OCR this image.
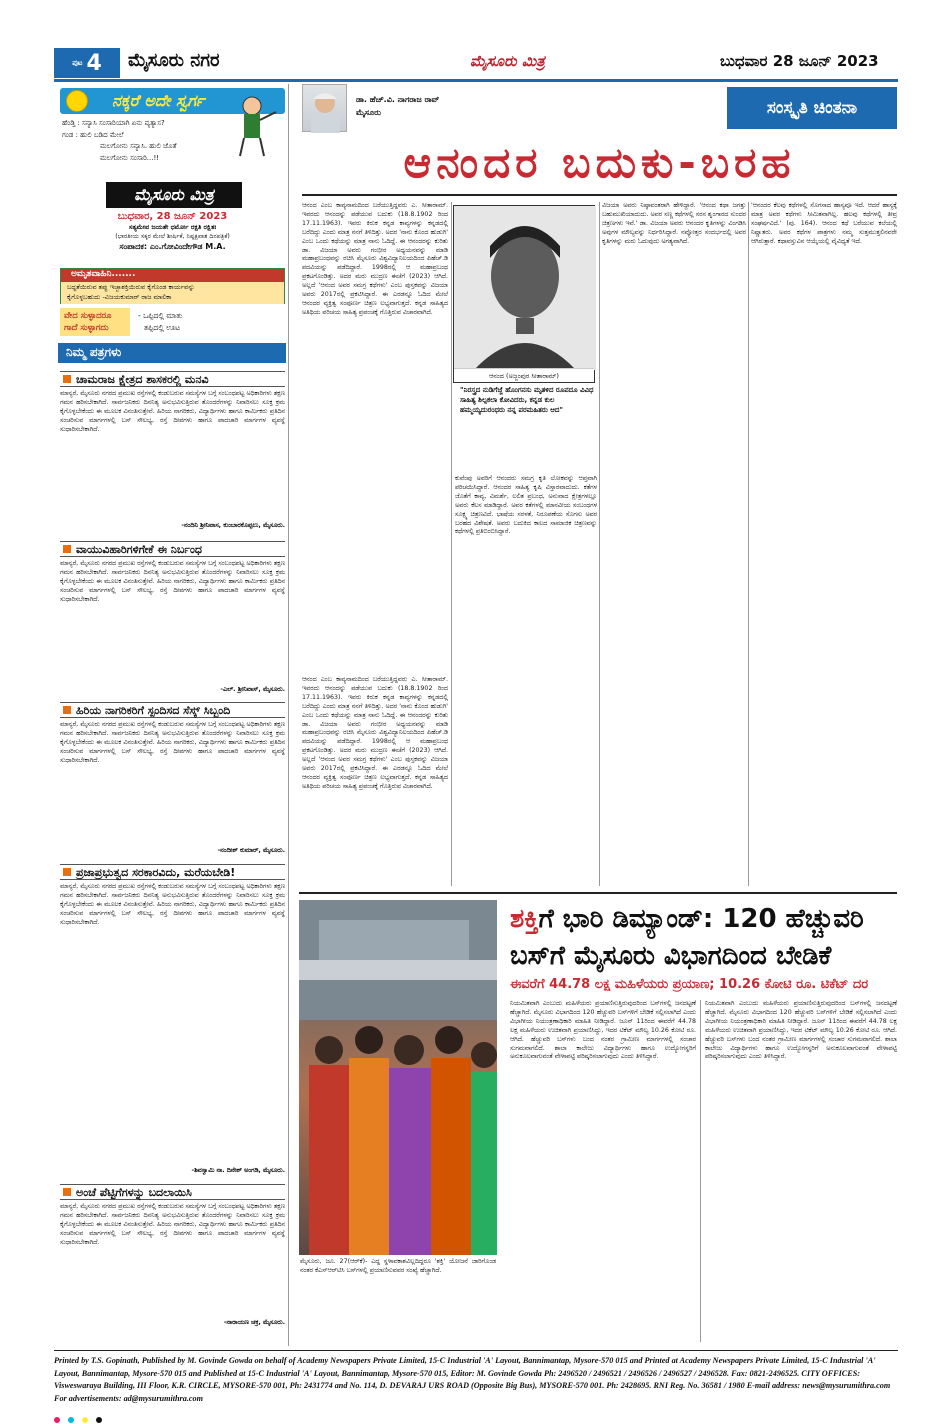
ಪುಟ 4 ಮೈಸೂರು ನಗರ	ಮೈಸೂರು ಮಿತ್ರ	ಬುಧವಾರ 28 ಜೂನ್ 2023
ನಕ್ಕರೆ ಅದೇ ಸ್ವರ್ಗ
ಹೆಂಡ್ತಿ : ಸನ್ಯಾಸಿ ಸಂಸಾರಿಯಾಗಿ ಏನು ವ್ಯತ್ಯಾಸ?
ಗಂಡ : ಹುಲಿ ಬಡಿದ ಮೇಲೆ
ಮಲಗೋನು ಸನ್ಯಾಸಿ. ಹುಲಿ ಜೊತೆ
ಮಲಗೋನು ಸಂಸಾರಿ...!!
ಮೈಸೂರು ಮಿತ್ರ
ಬುಧವಾರ, 28 ಜೂನ್ 2023
ಸತ್ಯಮೇವ ಜಯತೇ ಧರ್ಮೋ ರಕ್ಷತಿ ರಕ್ಷಿತಃ
(ಭಾರತೀಯ ಸಕ್ಕರ ಮೇಲೆ ಶೀರ್ಷಿಕೆ, ನಿಷ್ಪಕ್ಷಪಾತ ದಿನಪತ್ರಿಕೆ)
ಸಂಪಾದಕ: ಎಂ.ಗೋವಿಂದೇಗೌಡ M.A.
ಅಮೃತವಾಹಿನಿ.......
ಬದ್ಧತೆಯಿರುವ ತಪ್ಪು ಇಚ್ಛಾಶಕ್ತಿಯಿರುವ ಕೈಗೊಂಡ ಕಾರ್ಯವನ್ನು
ಕೈಗೊಳ್ಳಬಹುದು -ವಿಜಯಕುಮಾರ್ ರಾಜ ಮಾಲಿಕಾ
ವೇದ ಸುಳ್ಳಾದರೂ ಗಾದೆ ಸುಳ್ಳಾಗದು
- ಒಪ್ಪಿದಲ್ಲಿ ಮಾತು
ತಪ್ಪಿದಲ್ಲಿ ಊಟ
ನಿಮ್ಮ ಪತ್ರಗಳು
ಚಾಮರಾಜ ಕ್ಷೇತ್ರದ ಶಾಸಕರಲ್ಲಿ ಮನವಿ
ಮಾನ್ಯರೆ, ಮೈಸೂರು ನಗರದ ಪ್ರಮುಖ ರಸ್ತೆಗಳಲ್ಲಿ ಕಂಡುಬರುವ ಸಮಸ್ಯೆಗಳ ಬಗ್ಗೆ ಸಂಬಂಧಪಟ್ಟ ಅಧಿಕಾರಿಗಳು ತಕ್ಷಣ ಗಮನ ಹರಿಸಬೇಕಾಗಿದೆ. ಸಾರ್ವಜನಿಕರು ದಿನನಿತ್ಯ ಅನುಭವಿಸುತ್ತಿರುವ ತೊಂದರೆಗಳನ್ನು ನಿವಾರಿಸಲು ಸೂಕ್ತ ಕ್ರಮ ಕೈಗೊಳ್ಳಬೇಕೆಂದು ಈ ಮೂಲಕ ವಿನಂತಿಸುತ್ತೇವೆ. ಹಿರಿಯ ನಾಗರಿಕರು, ವಿದ್ಯಾರ್ಥಿಗಳು ಹಾಗೂ ಕಾರ್ಮಿಕರು ಪ್ರತಿದಿನ ಸಂಚರಿಸುವ ಮಾರ್ಗಗಳಲ್ಲಿ ಬಸ್ ಸೌಲಭ್ಯ, ರಸ್ತೆ ದೀಪಗಳು ಹಾಗೂ ಪಾದಚಾರಿ ಮಾರ್ಗಗಳ ವ್ಯವಸ್ಥೆ ಸುಧಾರಿಸಬೇಕಾಗಿದೆ.
-ನಂದಿನಿ ಶ್ರೀನಿವಾಸ, ಕುಂಬಾರಕೊಪ್ಪಲು, ಮೈಸೂರು.
ವಾಯುವಿಹಾರಿಗಳಿಗೇಕೆ ಈ ನಿರ್ಬಂಧ
ಮಾನ್ಯರೆ, ಮೈಸೂರು ನಗರದ ಪ್ರಮುಖ ರಸ್ತೆಗಳಲ್ಲಿ ಕಂಡುಬರುವ ಸಮಸ್ಯೆಗಳ ಬಗ್ಗೆ ಸಂಬಂಧಪಟ್ಟ ಅಧಿಕಾರಿಗಳು ತಕ್ಷಣ ಗಮನ ಹರಿಸಬೇಕಾಗಿದೆ. ಸಾರ್ವಜನಿಕರು ದಿನನಿತ್ಯ ಅನುಭವಿಸುತ್ತಿರುವ ತೊಂದರೆಗಳನ್ನು ನಿವಾರಿಸಲು ಸೂಕ್ತ ಕ್ರಮ ಕೈಗೊಳ್ಳಬೇಕೆಂದು ಈ ಮೂಲಕ ವಿನಂತಿಸುತ್ತೇವೆ. ಹಿರಿಯ ನಾಗರಿಕರು, ವಿದ್ಯಾರ್ಥಿಗಳು ಹಾಗೂ ಕಾರ್ಮಿಕರು ಪ್ರತಿದಿನ ಸಂಚರಿಸುವ ಮಾರ್ಗಗಳಲ್ಲಿ ಬಸ್ ಸೌಲಭ್ಯ, ರಸ್ತೆ ದೀಪಗಳು ಹಾಗೂ ಪಾದಚಾರಿ ಮಾರ್ಗಗಳ ವ್ಯವಸ್ಥೆ ಸುಧಾರಿಸಬೇಕಾಗಿದೆ.
-ಎಲ್. ಶ್ರೀನಿವಾಸ್, ಮೈಸೂರು.
ಹಿರಿಯ ನಾಗರಿಕರಿಗೆ ಸ್ಪಂದಿಸದ ಸೆಸ್ಕ್ ಸಿಬ್ಬಂದಿ
ಮಾನ್ಯರೆ, ಮೈಸೂರು ನಗರದ ಪ್ರಮುಖ ರಸ್ತೆಗಳಲ್ಲಿ ಕಂಡುಬರುವ ಸಮಸ್ಯೆಗಳ ಬಗ್ಗೆ ಸಂಬಂಧಪಟ್ಟ ಅಧಿಕಾರಿಗಳು ತಕ್ಷಣ ಗಮನ ಹರಿಸಬೇಕಾಗಿದೆ. ಸಾರ್ವಜನಿಕರು ದಿನನಿತ್ಯ ಅನುಭವಿಸುತ್ತಿರುವ ತೊಂದರೆಗಳನ್ನು ನಿವಾರಿಸಲು ಸೂಕ್ತ ಕ್ರಮ ಕೈಗೊಳ್ಳಬೇಕೆಂದು ಈ ಮೂಲಕ ವಿನಂತಿಸುತ್ತೇವೆ. ಹಿರಿಯ ನಾಗರಿಕರು, ವಿದ್ಯಾರ್ಥಿಗಳು ಹಾಗೂ ಕಾರ್ಮಿಕರು ಪ್ರತಿದಿನ ಸಂಚರಿಸುವ ಮಾರ್ಗಗಳಲ್ಲಿ ಬಸ್ ಸೌಲಭ್ಯ, ರಸ್ತೆ ದೀಪಗಳು ಹಾಗೂ ಪಾದಚಾರಿ ಮಾರ್ಗಗಳ ವ್ಯವಸ್ಥೆ ಸುಧಾರಿಸಬೇಕಾಗಿದೆ.
-ನಂದೀಶ್ ಕುಮಾರ್, ಮೈಸೂರು.
ಪ್ರಜಾಪ್ರಭುತ್ವದ ಸರಕಾರವಿದು, ಮರೆಯಬೇಡಿ!
ಮಾನ್ಯರೆ, ಮೈಸೂರು ನಗರದ ಪ್ರಮುಖ ರಸ್ತೆಗಳಲ್ಲಿ ಕಂಡುಬರುವ ಸಮಸ್ಯೆಗಳ ಬಗ್ಗೆ ಸಂಬಂಧಪಟ್ಟ ಅಧಿಕಾರಿಗಳು ತಕ್ಷಣ ಗಮನ ಹರಿಸಬೇಕಾಗಿದೆ. ಸಾರ್ವಜನಿಕರು ದಿನನಿತ್ಯ ಅನುಭವಿಸುತ್ತಿರುವ ತೊಂದರೆಗಳನ್ನು ನಿವಾರಿಸಲು ಸೂಕ್ತ ಕ್ರಮ ಕೈಗೊಳ್ಳಬೇಕೆಂದು ಈ ಮೂಲಕ ವಿನಂತಿಸುತ್ತೇವೆ. ಹಿರಿಯ ನಾಗರಿಕರು, ವಿದ್ಯಾರ್ಥಿಗಳು ಹಾಗೂ ಕಾರ್ಮಿಕರು ಪ್ರತಿದಿನ ಸಂಚರಿಸುವ ಮಾರ್ಗಗಳಲ್ಲಿ ಬಸ್ ಸೌಲಭ್ಯ, ರಸ್ತೆ ದೀಪಗಳು ಹಾಗೂ ಪಾದಚಾರಿ ಮಾರ್ಗಗಳ ವ್ಯವಸ್ಥೆ ಸುಧಾರಿಸಬೇಕಾಗಿದೆ.
-ಶಿವಸ್ವಾಮಿ ನಾ. ದಿನೇಶ್ ಅಂಗಡಿ, ಮೈಸೂರು.
ಅಂಚೆ ಪೆಟ್ಟಿಗೆಗಳನ್ನು ಬದಲಾಯಿಸಿ
ಮಾನ್ಯರೆ, ಮೈಸೂರು ನಗರದ ಪ್ರಮುಖ ರಸ್ತೆಗಳಲ್ಲಿ ಕಂಡುಬರುವ ಸಮಸ್ಯೆಗಳ ಬಗ್ಗೆ ಸಂಬಂಧಪಟ್ಟ ಅಧಿಕಾರಿಗಳು ತಕ್ಷಣ ಗಮನ ಹರಿಸಬೇಕಾಗಿದೆ. ಸಾರ್ವಜನಿಕರು ದಿನನಿತ್ಯ ಅನುಭವಿಸುತ್ತಿರುವ ತೊಂದರೆಗಳನ್ನು ನಿವಾರಿಸಲು ಸೂಕ್ತ ಕ್ರಮ ಕೈಗೊಳ್ಳಬೇಕೆಂದು ಈ ಮೂಲಕ ವಿನಂತಿಸುತ್ತೇವೆ. ಹಿರಿಯ ನಾಗರಿಕರು, ವಿದ್ಯಾರ್ಥಿಗಳು ಹಾಗೂ ಕಾರ್ಮಿಕರು ಪ್ರತಿದಿನ ಸಂಚರಿಸುವ ಮಾರ್ಗಗಳಲ್ಲಿ ಬಸ್ ಸೌಲಭ್ಯ, ರಸ್ತೆ ದೀಪಗಳು ಹಾಗೂ ಪಾದಚಾರಿ ಮಾರ್ಗಗಳ ವ್ಯವಸ್ಥೆ ಸುಧಾರಿಸಬೇಕಾಗಿದೆ.
-ನಾರಾಯಣ ಚಕ್ರ, ಮೈಸೂರು.
ಡಾ. ಹೆಚ್.ವಿ. ನಾಗರಾಜ ರಾವ್
ಮೈಸೂರು	ಸಂಸ್ಕೃತಿ ಚಿಂತನಾ
ಆನಂದರ ಬದುಕು-ಬರಹ
ಆನಂದ ಎಂಬ ಕಾವ್ಯನಾಮದಿಂದ ಬರೆಯುತ್ತಿದ್ದವರು ಎ. ಸೀತಾರಾಮ್. ಇವರದು ಆನಂದನ್ನು ಪಡೆಯುವ ಬದುಕು (18.8.1902 ರಿಂದ 17.11.1963). ಇವರು ಕಿರುಕ ಕನ್ನಡ ಕಾವ್ಯಗಳನ್ನು ಕನ್ನಡದಲ್ಲಿ ಬರೆದಿದ್ದು ಎಂದು ಮಾತ್ರ ನನಗೆ ತಿಳಿದಿತ್ತು. ಅದರ 'ನಾನು ಕೊಂದ ಹುಡುಗಿ' ಎಂಬ ಒಂದು ಕಥೆಯನ್ನು ಮಾತ್ರ ನಾನು ಓದಿದ್ದೆ. ಈ ಆನಂದರನ್ನು ಕುರಿತು ಡಾ. ವಿಜಯಾ ಅವರು ಗಂಭೀರ ಅಧ್ಯಯನವನ್ನು ಮಾಡಿ ಮಹಾಪ್ರಬಂಧವನ್ನು ರಚಿಸಿ ಮೈಸೂರು ವಿಶ್ವವಿದ್ಯಾನಿಲಯದಿಂದ ಪಿಹೆಚ್.ಡಿ ಪದವಿಯನ್ನು ಪಡೆದಿದ್ದಾರೆ. 1998ರಲ್ಲಿ ಆ ಮಹಾಪ್ರಬಂಧ ಪ್ರಕಟಗೊಂಡಿತ್ತು. ಅದರ ಮರು ಮುದ್ರಣ ಈಚೆಗೆ (2023) ಆಗಿದೆ. ಅಲ್ಲದೆ 'ಆನಂದ ಅವರ ಸಮಗ್ರ ಕಥೆಗಳು' ಎಂಬ ಪುಸ್ತಕವನ್ನು ವಿಜಯಾ ಅವರು 2017ರಲ್ಲಿ ಪ್ರಕಟಿಸಿದ್ದಾರೆ. ಈ ಎರಡನ್ನೂ ಓದಿದ ಮೇಲೆ ಆನಂದರ ವ್ಯಕ್ತಿತ್ವ ಸಂಪೂರ್ಣ ಚಿತ್ರಣ ಲಭ್ಯವಾಗುತ್ತದೆ. ಕನ್ನಡ ಸಾಹಿತ್ಯದ ಅತಿಥಿಯ ಪರಿಚಯ ಸಾಹಿತ್ಯ ಪ್ರಪಂಚಕ್ಕೆ ಗೊತ್ತಿರುವ ವಿಚಾರವಾಗಿದೆ.
ಆನಂದ (ಅಜ್ಜಂಪುರ ಸೀತಾರಾಮ್)
"ನಿರಸ್ತ್ರದ ನುಡಿಗೆಜ್ಜೆ ಹೊಂಗನಸು ಮೃತಳಿದ ರೂಪದೂ ವಿವಿಧ ಸಾಹಿತ್ಯ ಶಿಲ್ಪಕಲಾ ಕೋವಿದರು, ಕನ್ನಡ ಕುಲ ಹಮ್ಮಯ್ಯದುರಂಧರು ನನ್ನ ಪರಮಹಿತರು ಆದ"
ಕುವೆಂಪು ಅವರಿಗೆ ಆನಂದರು ಸಮಗ್ರ ಕೃತಿ ಲೋಕವನ್ನು ಆಪ್ತವಾಗಿ ಪರಿಚಯಿಸಿದ್ದಾರೆ. ಆನಂದರ ಸಾಹಿತ್ಯ ಕೃಷಿ ವಿಸ್ತಾರವಾದುದು. ಕತೆಗಳ ಜೊತೆಗೆ ಕಾವ್ಯ, ವಿಮರ್ಶೆ, ಲಲಿತ ಪ್ರಬಂಧ, ಅನುವಾದ ಕ್ಷೇತ್ರಗಳಲ್ಲೂ ಅವರು ಕೆಲಸ ಮಾಡಿದ್ದಾರೆ. ಅವರ ಕತೆಗಳಲ್ಲಿ ಮಾನವೀಯ ಸಂಬಂಧಗಳ ಸೂಕ್ಷ್ಮ ಚಿತ್ರಣವಿದೆ. ಭಾಷೆಯ ಸರಳತೆ, ನಿರೂಪಣೆಯ ಸೊಗಸು ಅವರ ಬರಹದ ವಿಶೇಷತೆ. ಅವರು ಬದುಕಿದ ಕಾಲದ ಸಾಮಾಜಿಕ ಚಿತ್ರಣವನ್ನು ಕಥೆಗಳಲ್ಲಿ ಪ್ರತಿಬಿಂಬಿಸಿದ್ದಾರೆ.
ಆನಂದ ಎಂಬ ಕಾವ್ಯನಾಮದಿಂದ ಬರೆಯುತ್ತಿದ್ದವರು ಎ. ಸೀತಾರಾಮ್. ಇವರದು ಆನಂದನ್ನು ಪಡೆಯುವ ಬದುಕು (18.8.1902 ರಿಂದ 17.11.1963). ಇವರು ಕಿರುಕ ಕನ್ನಡ ಕಾವ್ಯಗಳನ್ನು ಕನ್ನಡದಲ್ಲಿ ಬರೆದಿದ್ದು ಎಂದು ಮಾತ್ರ ನನಗೆ ತಿಳಿದಿತ್ತು. ಅದರ 'ನಾನು ಕೊಂದ ಹುಡುಗಿ' ಎಂಬ ಒಂದು ಕಥೆಯನ್ನು ಮಾತ್ರ ನಾನು ಓದಿದ್ದೆ. ಈ ಆನಂದರನ್ನು ಕುರಿತು ಡಾ. ವಿಜಯಾ ಅವರು ಗಂಭೀರ ಅಧ್ಯಯನವನ್ನು ಮಾಡಿ ಮಹಾಪ್ರಬಂಧವನ್ನು ರಚಿಸಿ ಮೈಸೂರು ವಿಶ್ವವಿದ್ಯಾನಿಲಯದಿಂದ ಪಿಹೆಚ್.ಡಿ ಪದವಿಯನ್ನು ಪಡೆದಿದ್ದಾರೆ. 1998ರಲ್ಲಿ ಆ ಮಹಾಪ್ರಬಂಧ ಪ್ರಕಟಗೊಂಡಿತ್ತು. ಅದರ ಮರು ಮುದ್ರಣ ಈಚೆಗೆ (2023) ಆಗಿದೆ. ಅಲ್ಲದೆ 'ಆನಂದ ಅವರ ಸಮಗ್ರ ಕಥೆಗಳು' ಎಂಬ ಪುಸ್ತಕವನ್ನು ವಿಜಯಾ ಅವರು 2017ರಲ್ಲಿ ಪ್ರಕಟಿಸಿದ್ದಾರೆ. ಈ ಎರಡನ್ನೂ ಓದಿದ ಮೇಲೆ ಆನಂದರ ವ್ಯಕ್ತಿತ್ವ ಸಂಪೂರ್ಣ ಚಿತ್ರಣ ಲಭ್ಯವಾಗುತ್ತದೆ. ಕನ್ನಡ ಸಾಹಿತ್ಯದ ಅತಿಥಿಯ ಪರಿಚಯ ಸಾಹಿತ್ಯ ಪ್ರಪಂಚಕ್ಕೆ ಗೊತ್ತಿರುವ ವಿಚಾರವಾಗಿದೆ.
ವಿಜಯಾ ಅವರು ನಿಷ್ಠಾವಂತರಾಗಿ ಹೇಳಿದ್ದಾರೆ. 'ಆನಂದ ಕಥಾ ಜಗತ್ತು ಬಹುಮುಖಿಯಾದುದು. ಅವರ ಸಣ್ಣ ಕಥೆಗಳಲ್ಲಿ ಸರಸ ಶೃಂಗಾರದ ಸುಂದರ ಚಿತ್ರಣಗಳು ಇವೆ.' ಡಾ. ವಿಜಯಾ ಅವರು ಆನಂದರ ಕೃತಿಗಳನ್ನು ವಿಂಗಡಿಸಿ ಅವುಗಳ ಮೌಲ್ಯವನ್ನು ನಿರ್ಧರಿಸಿದ್ದಾರೆ. ನವ್ಯೋತ್ತರ ಸಂದರ್ಭದಲ್ಲಿ ಅವರ ಕೃತಿಗಳನ್ನು ಮರು ಓದುವುದು ಅಗತ್ಯವಾಗಿದೆ.
'ಆನಂದರ ಕೆಲವು ಕಥೆಗಳಲ್ಲಿ ಸೊಗಸಾದ ಹಾಸ್ಯವೂ ಇದೆ. ಆದರೆ ಹಾಸ್ಯಕ್ಕೆ ಮಾತ್ರ ಅವರ ಕಥೆಗಳು ಸೀಮಿತವಾಗಿಲ್ಲ. ಹಲವು ಕಥೆಗಳಲ್ಲಿ ತೀವ್ರ ಸಂಘರ್ಷವಿದೆ.' (ಪು. 164). ಆನಂದ ಕಥೆ ಬರೆಯುವ ಕಲೆಯಲ್ಲಿ ನಿಷ್ಣಾತರು. ಅವರ ಕಥೆಗಳ ಪಾತ್ರಗಳು ನಮ್ಮ ಸುತ್ತಮುತ್ತಲಿನವರೇ ಆಗಿರುತ್ತಾರೆ. ಕಥಾವಸ್ತುವಿನ ಆಯ್ಕೆಯಲ್ಲಿ ವೈವಿಧ್ಯತೆ ಇದೆ.
ಮೈಸೂರು, ಜೂ. 27(ಆರ್‌ಕೆ)- ಎದ್ದ ಸ್ಥಳಾವಕಾಶವಿಲ್ಲದಿದ್ದರೂ 'ಶಕ್ತಿ' ಯೋಜನೆ ಜಾರಿಗೊಂಡ ನಂತರ ಕೆಎಸ್‌ಆರ್‌ಟಿಸಿ ಬಸ್‌ಗಳಲ್ಲಿ ಪ್ರಯಾಣಿಸುವವರ ಸಂಖ್ಯೆ ಹೆಚ್ಚಾಗಿದೆ.
ಶಕ್ತಿಗೆ ಭಾರಿ ಡಿಮ್ಯಾಂಡ್: 120 ಹೆಚ್ಚುವರಿ
ಬಸ್‌ಗೆ ಮೈಸೂರು ವಿಭಾಗದಿಂದ ಬೇಡಿಕೆ
ಈವರೆಗೆ 44.78 ಲಕ್ಷ ಮಹಿಳೆಯರು ಪ್ರಯಾಣ; 10.26 ಕೋಟಿ ರೂ. ಟಿಕೆಟ್ ದರ
ನಿಯಮಿತವಾಗಿ ಎಂಬುದು ಮಹಿಳೆಯರು ಪ್ರಯಾಣಿಸುತ್ತಿರುವುದರಿಂದ ಬಸ್‌ಗಳಲ್ಲಿ ಜನದಟ್ಟಣೆ ಹೆಚ್ಚಾಗಿದೆ. ಮೈಸೂರು ವಿಭಾಗದಿಂದ 120 ಹೆಚ್ಚುವರಿ ಬಸ್‌ಗಳಿಗೆ ಬೇಡಿಕೆ ಸಲ್ಲಿಸಲಾಗಿದೆ ಎಂದು ವಿಭಾಗೀಯ ನಿಯಂತ್ರಣಾಧಿಕಾರಿ ಮಾಹಿತಿ ನೀಡಿದ್ದಾರೆ. ಜೂನ್ 11ರಿಂದ ಈವರೆಗೆ 44.78 ಲಕ್ಷ ಮಹಿಳೆಯರು ಉಚಿತವಾಗಿ ಪ್ರಯಾಣಿಸಿದ್ದು, ಇದರ ಟಿಕೆಟ್ ಮೌಲ್ಯ 10.26 ಕೋಟಿ ರೂ. ಆಗಿದೆ. ಹೆಚ್ಚುವರಿ ಬಸ್‌ಗಳು ಬಂದ ನಂತರ ಗ್ರಾಮೀಣ ಮಾರ್ಗಗಳಲ್ಲಿ ಸಂಚಾರ ಸುಗಮವಾಗಲಿದೆ. ಶಾಲಾ ಕಾಲೇಜು ವಿದ್ಯಾರ್ಥಿಗಳು ಹಾಗೂ ಉದ್ಯೋಗಸ್ಥರಿಗೆ ಅನುಕೂಲವಾಗುವಂತೆ ವೇಳಾಪಟ್ಟಿ ಪರಿಷ್ಕರಿಸಲಾಗುವುದು ಎಂದು ತಿಳಿಸಿದ್ದಾರೆ.
ನಿಯಮಿತವಾಗಿ ಎಂಬುದು ಮಹಿಳೆಯರು ಪ್ರಯಾಣಿಸುತ್ತಿರುವುದರಿಂದ ಬಸ್‌ಗಳಲ್ಲಿ ಜನದಟ್ಟಣೆ ಹೆಚ್ಚಾಗಿದೆ. ಮೈಸೂರು ವಿಭಾಗದಿಂದ 120 ಹೆಚ್ಚುವರಿ ಬಸ್‌ಗಳಿಗೆ ಬೇಡಿಕೆ ಸಲ್ಲಿಸಲಾಗಿದೆ ಎಂದು ವಿಭಾಗೀಯ ನಿಯಂತ್ರಣಾಧಿಕಾರಿ ಮಾಹಿತಿ ನೀಡಿದ್ದಾರೆ. ಜೂನ್ 11ರಿಂದ ಈವರೆಗೆ 44.78 ಲಕ್ಷ ಮಹಿಳೆಯರು ಉಚಿತವಾಗಿ ಪ್ರಯಾಣಿಸಿದ್ದು, ಇದರ ಟಿಕೆಟ್ ಮೌಲ್ಯ 10.26 ಕೋಟಿ ರೂ. ಆಗಿದೆ. ಹೆಚ್ಚುವರಿ ಬಸ್‌ಗಳು ಬಂದ ನಂತರ ಗ್ರಾಮೀಣ ಮಾರ್ಗಗಳಲ್ಲಿ ಸಂಚಾರ ಸುಗಮವಾಗಲಿದೆ. ಶಾಲಾ ಕಾಲೇಜು ವಿದ್ಯಾರ್ಥಿಗಳು ಹಾಗೂ ಉದ್ಯೋಗಸ್ಥರಿಗೆ ಅನುಕೂಲವಾಗುವಂತೆ ವೇಳಾಪಟ್ಟಿ ಪರಿಷ್ಕರಿಸಲಾಗುವುದು ಎಂದು ತಿಳಿಸಿದ್ದಾರೆ.
Printed by T.S. Gopinath, Published by M. Govinde Gowda on behalf of Academy Newspapers Private Limited, 15-C Industrial 'A' Layout, Bannimantap, Mysore-570 015 and Printed at Academy Newspapers Private Limited, 15-C Industrial 'A' Layout, Bannimantap, Mysore-570 015 and Published at 15-C Industrial 'A' Layout, Bannimantap, Mysore-570 015, Editor: M. Govinde Gowda Ph: 2496520 / 2496521 / 2496526 / 2496527 / 2496528. Fax: 0821-2496525. CITY OFFICES: Visweswaraya Building, III Floor, K.R. CIRCLE, MYSORE-570 001, Ph: 2431774 and No. 114, D. DEVARAJ URS ROAD (Opposite Big Bus), MYSORE-570 001. Ph: 2428695. RNI Reg. No. 36581 / 1980 E-mail address: news@mysurumithra.com For advertisements: ad@mysurumithra.com
